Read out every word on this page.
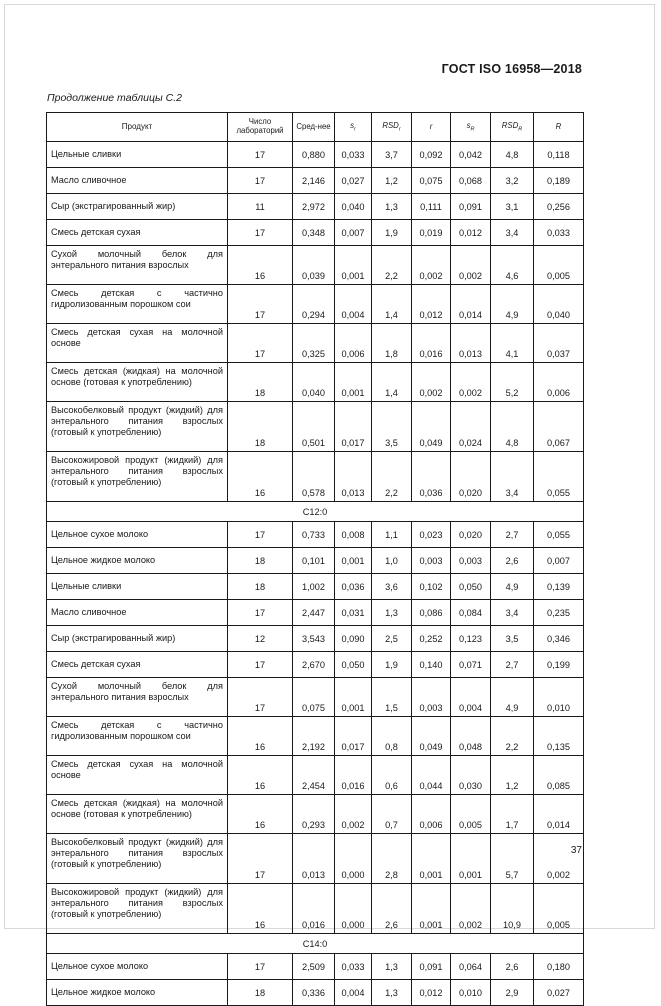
ГОСТ ISO 16958—2018
Продолжение таблицы С.2
Продукт	Число лабораторий	Сред-нее	$s_r$	$RSD_r$	r	$s_R$	$RSD_R$	R
Цельные сливки	17	0,880	0,033	3,7	0,092	0,042	4,8	0,118
Масло сливочное	17	2,146	0,027	1,2	0,075	0,068	3,2	0,189
Сыр (экстрагированный жир)	11	2,972	0,040	1,3	0,111	0,091	3,1	0,256
Смесь детская сухая	17	0,348	0,007	1,9	0,019	0,012	3,4	0,033
Сухой молочный белок для энтерального питания взрослых	16	0,039	0,001	2,2	0,002	0,002	4,6	0,005
Смесь детская с частично гидролизованным порошком сои	17	0,294	0,004	1,4	0,012	0,014	4,9	0,040
Смесь детская сухая на молочной основе	17	0,325	0,006	1,8	0,016	0,013	4,1	0,037
Смесь детская (жидкая) на молочной основе (готовая к употреблению)	18	0,040	0,001	1,4	0,002	0,002	5,2	0,006
Высокобелковый продукт (жидкий) для энтерального питания взрослых (готовый к употреблению)	18	0,501	0,017	3,5	0,049	0,024	4,8	0,067
Высокожировой продукт (жидкий) для энтерального питания взрослых (готовый к употреблению)	16	0,578	0,013	2,2	0,036	0,020	3,4	0,055
С12:0								
Цельное сухое молоко	17	0,733	0,008	1,1	0,023	0,020	2,7	0,055
Цельное жидкое молоко	18	0,101	0,001	1,0	0,003	0,003	2,6	0,007
Цельные сливки	18	1,002	0,036	3,6	0,102	0,050	4,9	0,139
Масло сливочное	17	2,447	0,031	1,3	0,086	0,084	3,4	0,235
Сыр (экстрагированный жир)	12	3,543	0,090	2,5	0,252	0,123	3,5	0,346
Смесь детская сухая	17	2,670	0,050	1,9	0,140	0,071	2,7	0,199
Сухой молочный белок для энтерального питания взрослых	17	0,075	0,001	1,5	0,003	0,004	4,9	0,010
Смесь детская с частично гидролизованным порошком сои	16	2,192	0,017	0,8	0,049	0,048	2,2	0,135
Смесь детская сухая на молочной основе	16	2,454	0,016	0,6	0,044	0,030	1,2	0,085
Смесь детская (жидкая) на молочной основе (готовая к употреблению)	16	0,293	0,002	0,7	0,006	0,005	1,7	0,014
Высокобелковый продукт (жидкий) для энтерального питания взрослых (готовый к употреблению)	17	0,013	0,000	2,8	0,001	0,001	5,7	0,002
Высокожировой продукт (жидкий) для энтерального питания взрослых (готовый к употреблению)	16	0,016	0,000	2,6	0,001	0,002	10,9	0,005
С14:0								
Цельное сухое молоко	17	2,509	0,033	1,3	0,091	0,064	2,6	0,180
Цельное жидкое молоко	18	0,336	0,004	1,3	0,012	0,010	2,9	0,027
37
